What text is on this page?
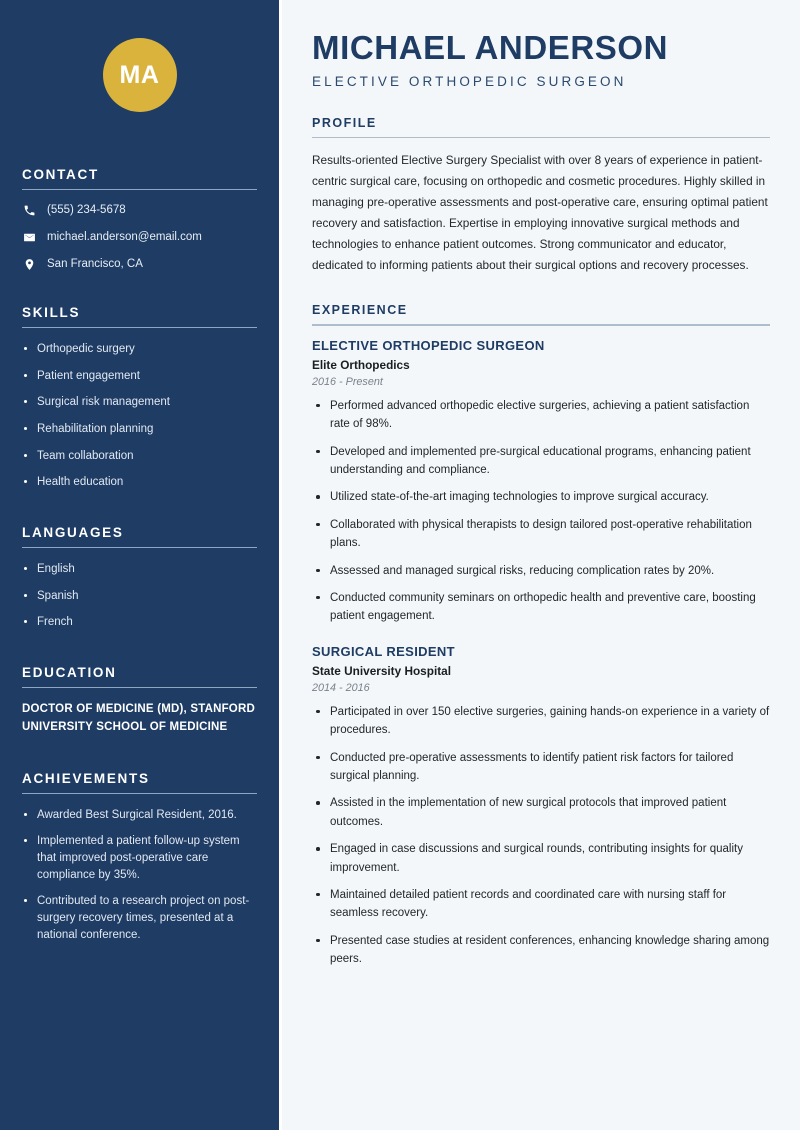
MA
CONTACT
(555) 234-5678
michael.anderson@email.com
San Francisco, CA
SKILLS
Orthopedic surgery
Patient engagement
Surgical risk management
Rehabilitation planning
Team collaboration
Health education
LANGUAGES
English
Spanish
French
EDUCATION
DOCTOR OF MEDICINE (MD), STANFORD UNIVERSITY SCHOOL OF MEDICINE
ACHIEVEMENTS
Awarded Best Surgical Resident, 2016.
Implemented a patient follow-up system that improved post-operative care compliance by 35%.
Contributed to a research project on post-surgery recovery times, presented at a national conference.
MICHAEL ANDERSON
ELECTIVE ORTHOPEDIC SURGEON
PROFILE

Results-oriented Elective Surgery Specialist with over 8 years of experience in patient-centric surgical care, focusing on orthopedic and cosmetic procedures. Highly skilled in managing pre-operative assessments and post-operative care, ensuring optimal patient recovery and satisfaction. Expertise in employing innovative surgical methods and technologies to enhance patient outcomes. Strong communicator and educator, dedicated to informing patients about their surgical options and recovery processes.

EXPERIENCE
ELECTIVE ORTHOPEDIC SURGEON
Elite Orthopedics
2016 - Present
Performed advanced orthopedic elective surgeries, achieving a patient satisfaction rate of 98%.
Developed and implemented pre-surgical educational programs, enhancing patient understanding and compliance.
Utilized state-of-the-art imaging technologies to improve surgical accuracy.
Collaborated with physical therapists to design tailored post-operative rehabilitation plans.
Assessed and managed surgical risks, reducing complication rates by 20%.
Conducted community seminars on orthopedic health and preventive care, boosting patient engagement.
SURGICAL RESIDENT
State University Hospital
2014 - 2016
Participated in over 150 elective surgeries, gaining hands-on experience in a variety of procedures.
Conducted pre-operative assessments to identify patient risk factors for tailored surgical planning.
Assisted in the implementation of new surgical protocols that improved patient outcomes.
Engaged in case discussions and surgical rounds, contributing insights for quality improvement.
Maintained detailed patient records and coordinated care with nursing staff for seamless recovery.
Presented case studies at resident conferences, enhancing knowledge sharing among peers.
